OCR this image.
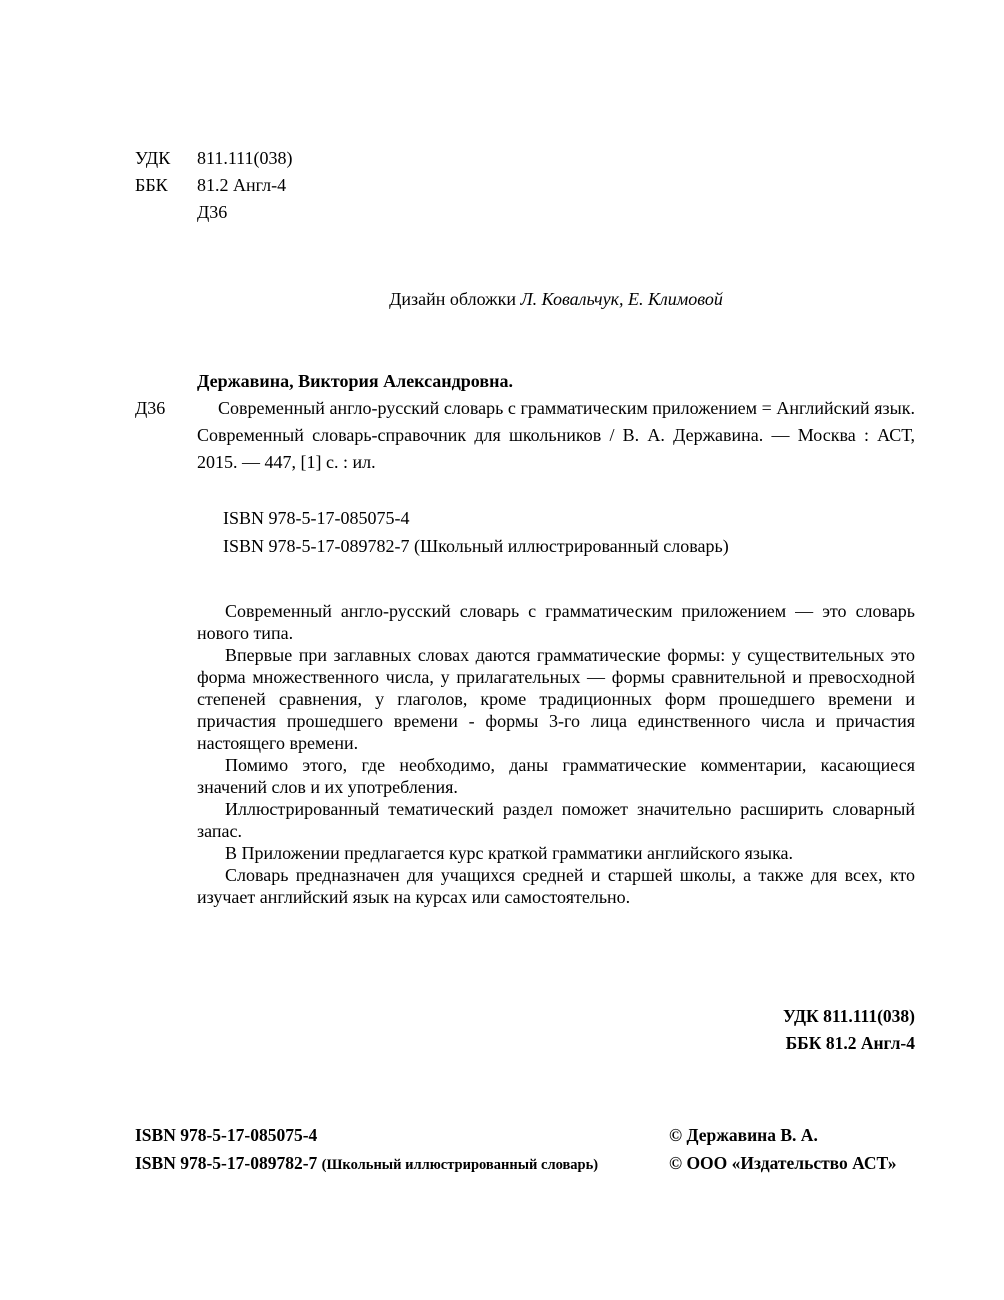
УДК	811.111(038)
ББК	81.2 Англ-4
Д36

Дизайн обложки Л. Ковальчук, Е. Климовой

Д36

Державина, Виктория Александровна.

Современный англо-русский словарь с грамматическим приложением = Английский язык. Современный словарь-справочник для школьников / В. А. Державина. — Москва : АСТ, 2015. — 447, [1] с. : ил.

ISBN 978-5-17-085075-4

ISBN 978-5-17-089782-7 (Школьный иллюстрированный словарь)

Современный англо-русский словарь с грамматическим приложением — это словарь нового типа.

Впервые при заглавных словах даются грамматические формы: у существительных это форма множественного числа, у прилагательных — формы сравнительной и превосходной степеней сравнения, у глаголов, кроме традиционных форм прошедшего времени и причастия прошедшего времени - формы 3-го лица единственного числа и причастия настоящего времени.

Помимо этого, где необходимо, даны грамматические комментарии, касающиеся значений слов и их употребления.

Иллюстрированный тематический раздел поможет значительно расширить словарный запас.

В Приложении предлагается курс краткой грамматики английского языка.

Словарь предназначен для учащихся средней и старшей школы, а также для всех, кто изучает английский язык на курсах или самостоятельно.

УДК 811.111(038)

ББК 81.2 Англ-4

ISBN 978-5-17-085075-4	© Державина В. А.
ISBN 978-5-17-089782-7 (Школьный иллюстрированный словарь)	© ООО «Издательство АСТ»
